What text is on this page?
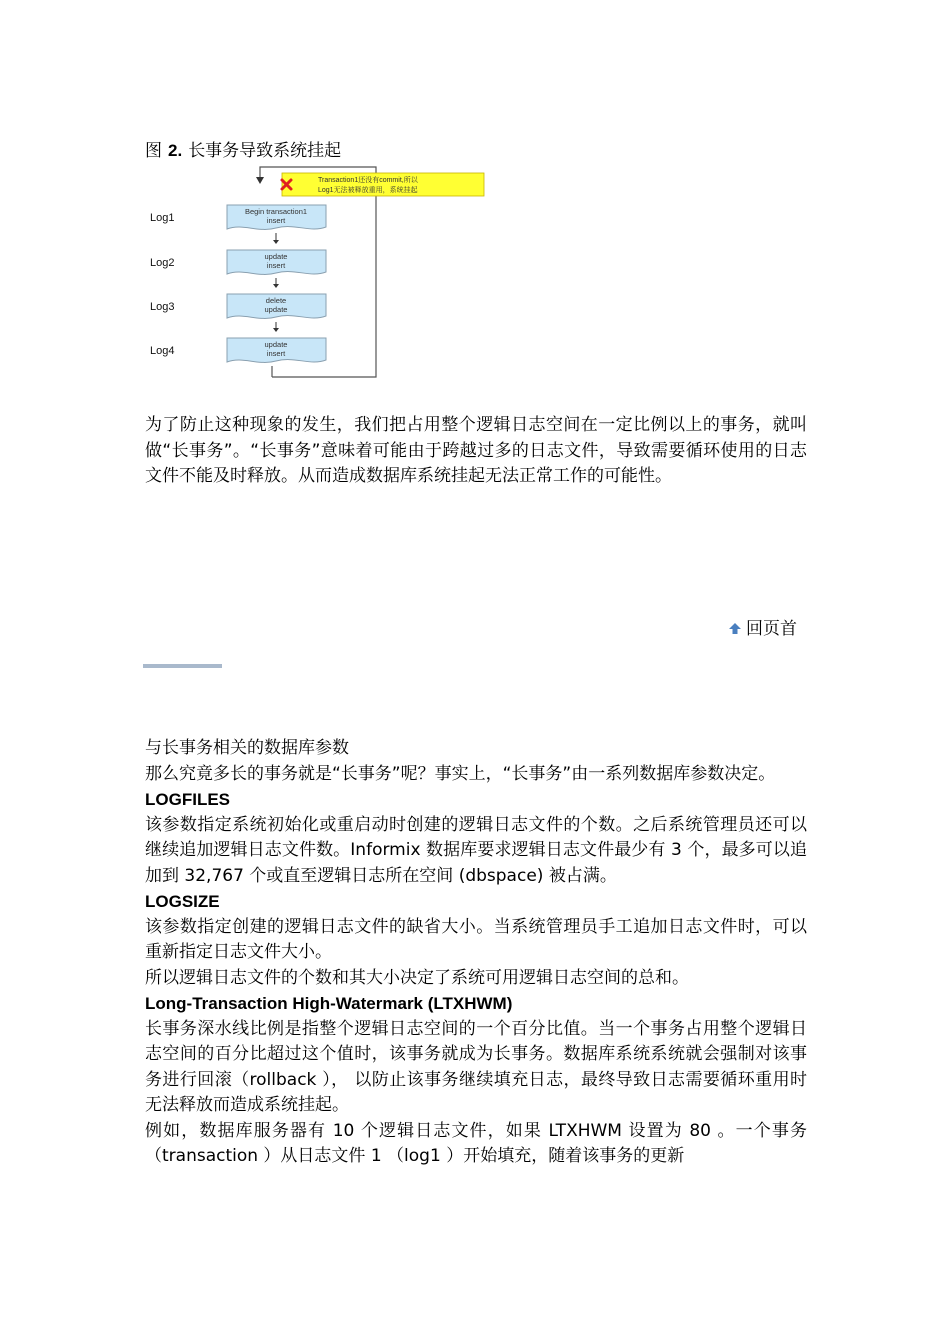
图 2. 长事务导致系统挂起
Transaction1还没有commit,所以
Log1无法被释放重用，系统挂起
Log1
Begin transaction1
insert
Log2
update
insert
Log3
delete
update
Log4
update
insert
为了防止这种现象的发生，我们把占用整个逻辑日志空间在一定比例以上的事务，就叫做“长事务”。“长事务”意味着可能由于跨越过多的日志文件，导致需要循环使用的日志文件不能及时释放。从而造成数据库系统挂起无法正常工作的可能性。
回页首

与长事务相关的数据库参数

那么究竟多长的事务就是“长事务”呢？事实上，“长事务”由一系列数据库参数决定。

LOGFILES

该参数指定系统初始化或重启动时创建的逻辑日志文件的个数。之后系统管理员还可以继续追加逻辑日志文件数。Informix 数据库要求逻辑日志文件最少有 3 个，最多可以追加到 32,767 个或直至逻辑日志所在空间 (dbspace) 被占满。

LOGSIZE

该参数指定创建的逻辑日志文件的缺省大小。当系统管理员手工追加日志文件时，可以重新指定日志文件大小。

所以逻辑日志文件的个数和其大小决定了系统可用逻辑日志空间的总和。

Long-Transaction High-Watermark (LTXHWM)

长事务深水线比例是指整个逻辑日志空间的一个百分比值。当一个事务占用整个逻辑日志空间的百分比超过这个值时，该事务就成为长事务。数据库系统系统就会强制对该事务进行回滚（rollback ）， 以防止该事务继续填充日志，最终导致日志需要循环重用时无法释放而造成系统挂起。

例如，数据库服务器有 10 个逻辑日志文件，如果 LTXHWM 设置为 80 。一个事务（transaction ）从日志文件 1 （log1 ）开始填充，随着该事务的更新
